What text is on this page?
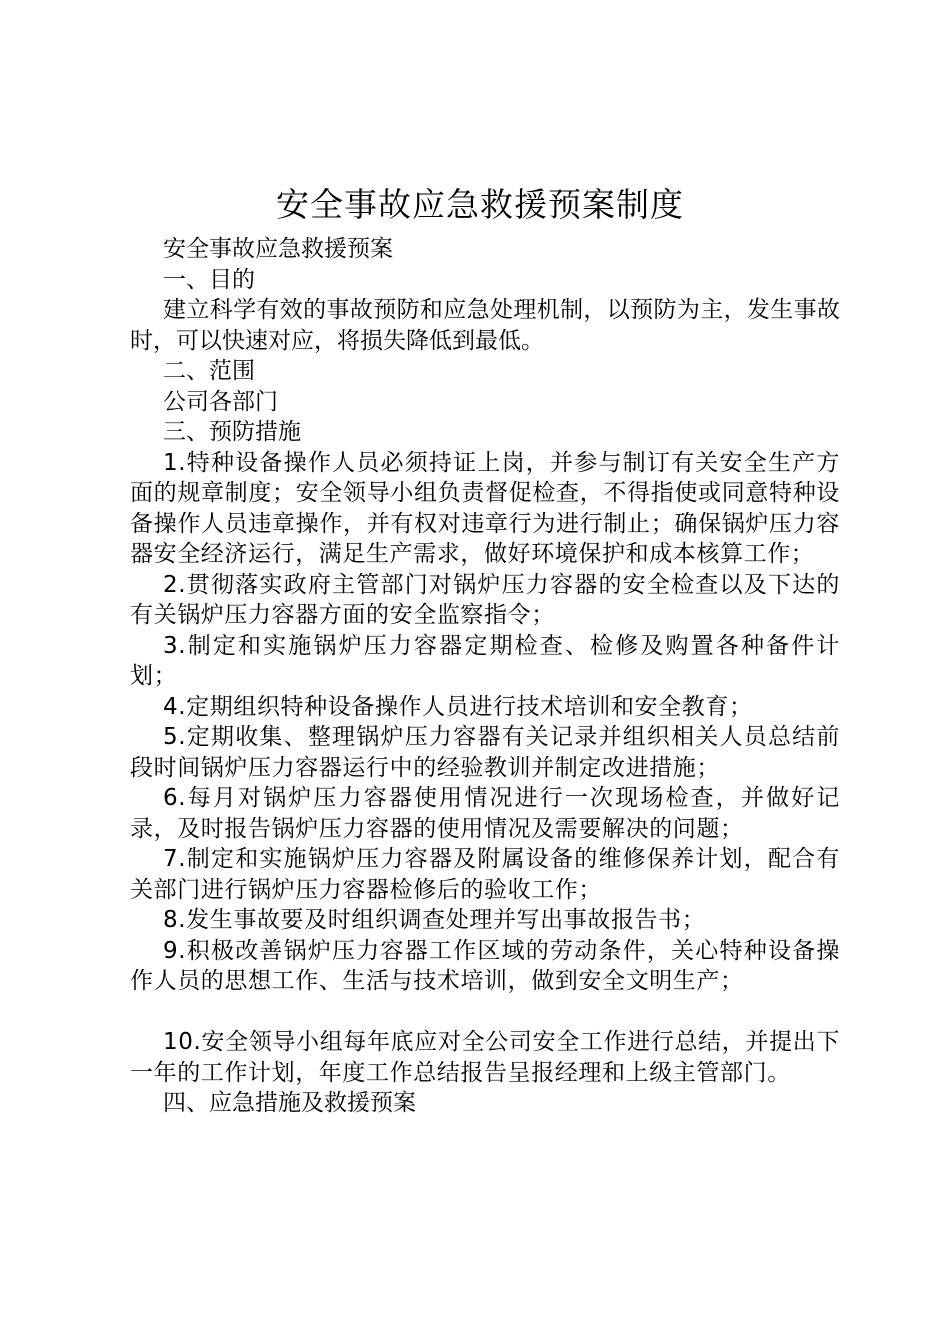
安全事故应急救援预案制度

安全事故应急救援预案

一、目的

建立科学有效的事故预防和应急处理机制，以预防为主，发生事故时，可以快速对应，将损失降低到最低。

二、范围

公司各部门

三、预防措施

1.特种设备操作人员必须持证上岗，并参与制订有关安全生产方面的规章制度；安全领导小组负责督促检查，不得指使或同意特种设备操作人员违章操作，并有权对违章行为进行制止；确保锅炉压力容器安全经济运行，满足生产需求，做好环境保护和成本核算工作；

2.贯彻落实政府主管部门对锅炉压力容器的安全检查以及下达的有关锅炉压力容器方面的安全监察指令；

3.制定和实施锅炉压力容器定期检查、检修及购置各种备件计划；

4.定期组织特种设备操作人员进行技术培训和安全教育；

5.定期收集、整理锅炉压力容器有关记录并组织相关人员总结前段时间锅炉压力容器运行中的经验教训并制定改进措施；

6.每月对锅炉压力容器使用情况进行一次现场检查，并做好记录，及时报告锅炉压力容器的使用情况及需要解决的问题；

7.制定和实施锅炉压力容器及附属设备的维修保养计划，配合有关部门进行锅炉压力容器检修后的验收工作；

8.发生事故要及时组织调查处理并写出事故报告书；

9.积极改善锅炉压力容器工作区域的劳动条件，关心特种设备操作人员的思想工作、生活与技术培训，做到安全文明生产；

10.安全领导小组每年底应对全公司安全工作进行总结，并提出下一年的工作计划，年度工作总结报告呈报经理和上级主管部门。

四、应急措施及救援预案
